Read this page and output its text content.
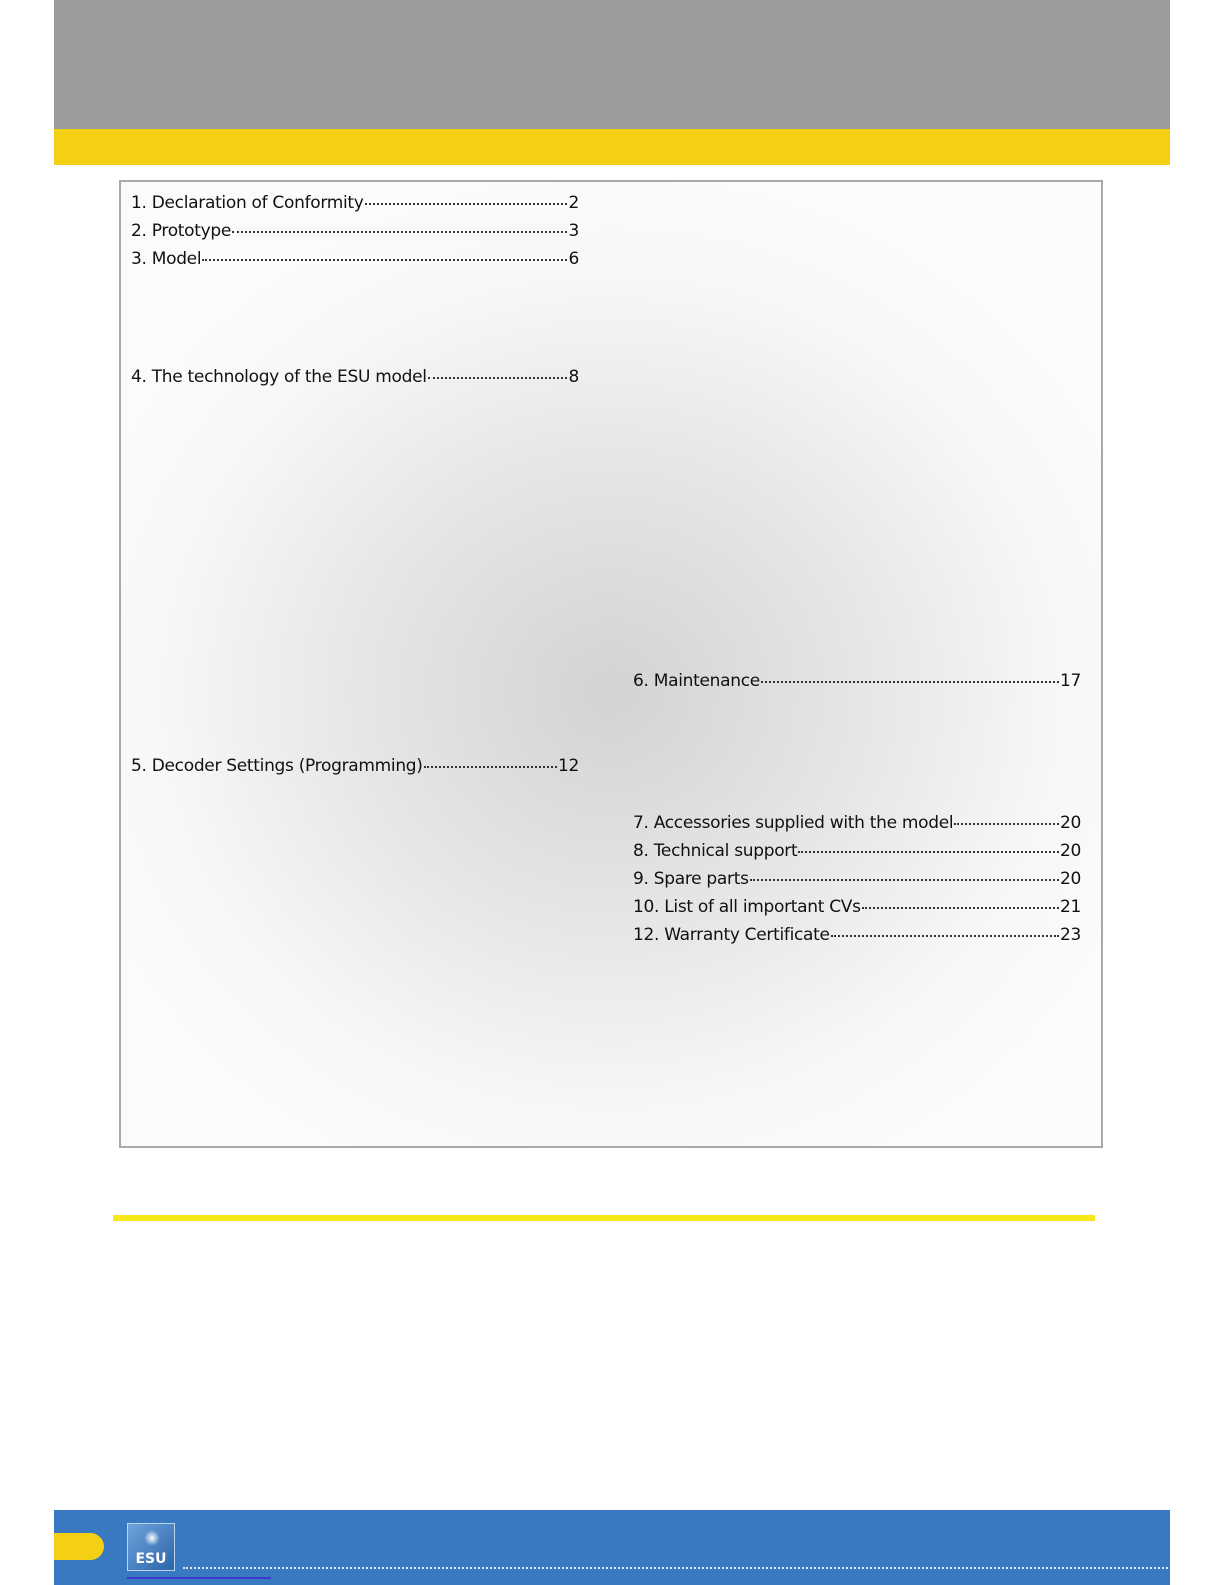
1. Declaration of Conformity	2
2. Prototype	3
3. Model	6
4. The technology of the ESU model	8
5. Decoder Settings (Programming)	12
6. Maintenance	17
7. Accessories supplied with the model	20
8. Technical support	20
9. Spare parts	20
10. List of all important CVs	21
12. Warranty Certificate	23
ESU
